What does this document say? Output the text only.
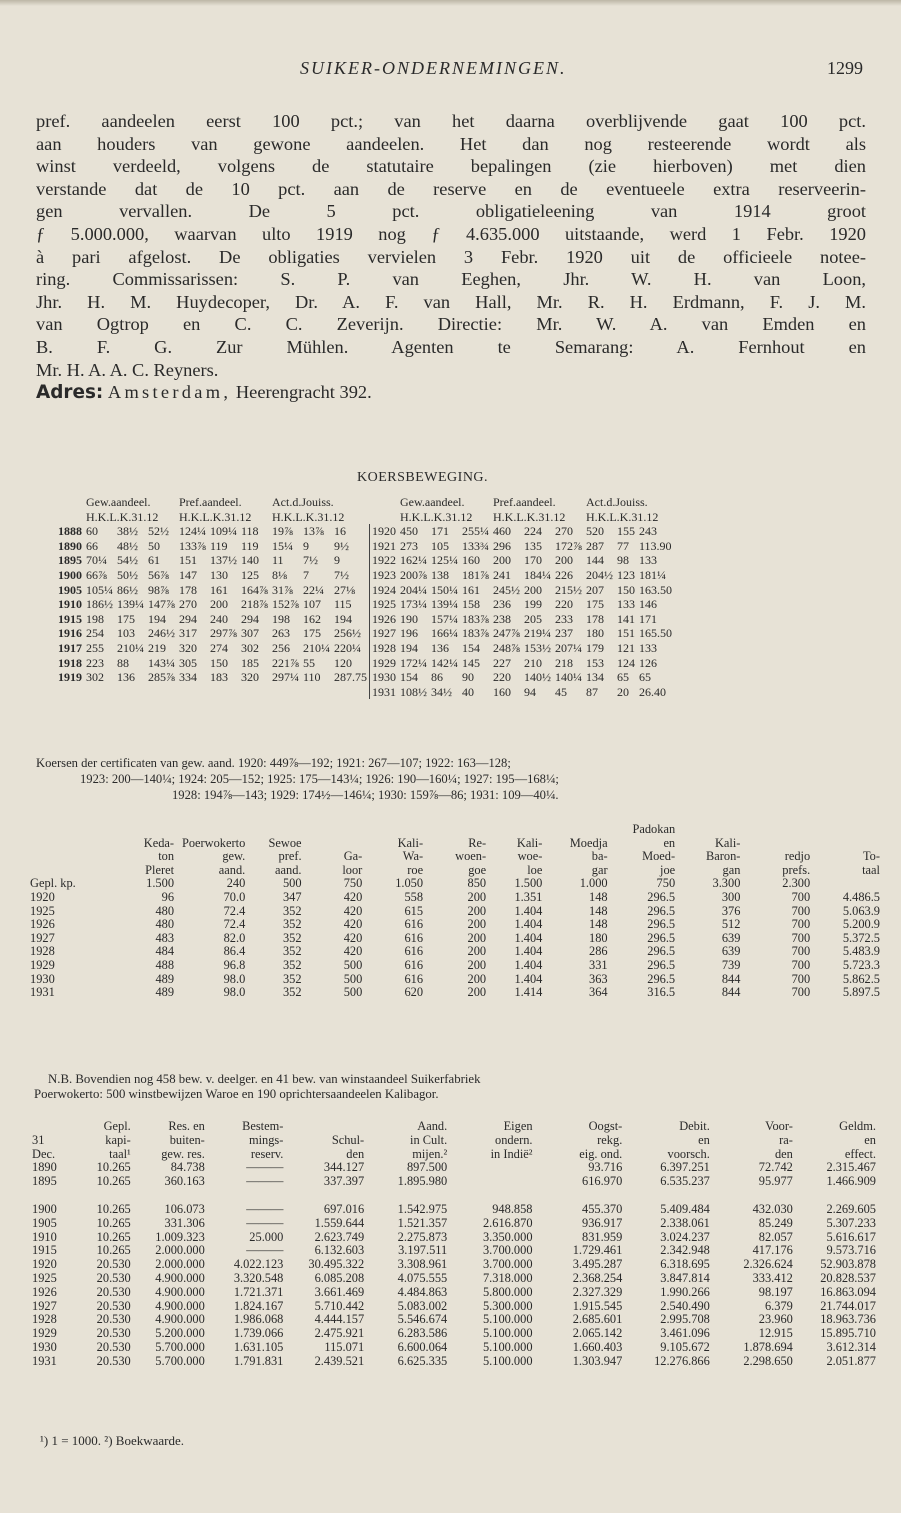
SUIKER-ONDERNEMINGEN.	1299

pref. aandeelen eerst 100 pct.; van het daarna overblijvende gaat 100 pct.

aan houders van gewone aandeelen. Het dan nog resteerende wordt als

winst verdeeld, volgens de statutaire bepalingen (zie hierboven) met dien

verstande dat de 10 pct. aan de reserve en de eventueele extra reserveerin-

gen vervallen. De 5 pct. obligatieleening van 1914 groot

ƒ 5.000.000, waarvan ulto 1919 nog ƒ 4.635.000 uitstaande, werd 1 Febr. 1920

à pari afgelost. De obligaties vervielen 3 Febr. 1920 uit de officieele notee-

ring. Commissarissen: S. P. van Eeghen, Jhr. W. H. van Loon,

Jhr. H. M. Huydecoper, Dr. A. F. van Hall, Mr. R. H. Erdmann, F. J. M.

van Ogtrop en C. C. Zeverijn. Directie: Mr. W. A. van Emden en

B. F. G. Zur Mühlen. Agenten te Semarang: A. Fernhout en

Mr. H. A. A. C. Reyners.

Adres: Amsterdam, Heerengracht 392.

KOERSBEWEGING.
	Gew.aandeel.			Pref.aandeel.			Act.d.Jouiss.				Gew.aandeel.			Pref.aandeel.			Act.d.Jouiss.		
	H.K.L.K.31.12			H.K.L.K.31.12			H.K.L.K.31.12				H.K.L.K.31.12			H.K.L.K.31.12			H.K.L.K.31.12		
1888	60	38½	52½	124¼	109¼	118	19⅞	13⅞	16	1920	450	171	255¼	460	224	270	520	155	243
1890	66	48½	50	133⅞	119	119	15¼	9	9½	1921	273	105	133¾	296	135	172⅞	287	77	113.90
1895	70¼	54½	61	151	137½	140	11	7½	9	1922	162¼	125¼	160	200	170	200	144	98	133
1900	66⅞	50½	56⅞	147	130	125	8⅛	7	7½	1923	200⅞	138	181⅞	241	184¼	226	204½	123	181¼
1905	105¼	86½	98⅞	178	161	164⅞	31⅞	22¼	27⅛	1924	204¼	150¼	161	245½	200	215½	207	150	163.50
1910	186½	139¼	147⅞	270	200	218⅞	152⅞	107	115	1925	173¼	139¼	158	236	199	220	175	133	146
1915	198	175	194	294	240	294	198	162	194	1926	190	157¼	183⅞	238	205	233	178	141	171
1916	254	103	246½	317	297⅞	307	263	175	256½	1927	196	166¼	183⅞	247⅞	219¼	237	180	151	165.50
1917	255	210¼	219	320	274	302	256	210¼	220¼	1928	194	136	154	248⅞	153½	207¼	179	121	133
1918	223	88	143¼	305	150	185	221⅞	55	120	1929	172¼	142¼	145	227	210	218	153	124	126
1919	302	136	285⅞	334	183	320	297¼	110	287.75	1930	154	86	90	220	140½	140¼	134	65	65
										1931	108½	34½	40	160	94	45	87	20	26.40

Koersen der certificaten van gew. aand. 1920: 449⅞—192; 1921: 267—107; 1922: 163—128;

1923: 200—140¼; 1924: 205—152; 1925: 175—143¼; 1926: 190—160¼; 1927: 195—168¼;

1928: 194⅞—143; 1929: 174½—146¼; 1930: 159⅞—86; 1931: 109—40¼.

									Padokan			
	Keda-	Poerwokerto	Sewoe		Kali-	Re-	Kali-	Moedja	en	Kali-		
	ton	gew.	pref.	Ga-	Wa-	woen-	woe-	ba-	Moed-	Baron-	redjo	To-
	Pleret	aand.	aand.	loor	roe	goe	loe	gar	joe	gan	prefs.	taal
Gepl. kp.	1.500	240	500	750	1.050	850	1.500	1.000	750	3.300	2.300	
1920	96	70.0	347	420	558	200	1.351	148	296.5	300	700	4.486.5
1925	480	72.4	352	420	615	200	1.404	148	296.5	376	700	5.063.9
1926	480	72.4	352	420	616	200	1.404	148	296.5	512	700	5.200.9
1927	483	82.0	352	420	616	200	1.404	180	296.5	639	700	5.372.5
1928	484	86.4	352	420	616	200	1.404	286	296.5	639	700	5.483.9
1929	488	96.8	352	500	616	200	1.404	331	296.5	739	700	5.723.3
1930	489	98.0	352	500	616	200	1.404	363	296.5	844	700	5.862.5
1931	489	98.0	352	500	620	200	1.414	364	316.5	844	700	5.897.5

N.B. Bovendien nog 458 bew. v. deelger. en 41 bew. van winstaandeel Suikerfabriek

Poerwokerto: 500 winstbewijzen Waroe en 190 oprichtersaandeelen Kalibagor.

	Gepl.	Res. en	Bestem-		Aand.	Eigen	Oogst-	Debit.	Voor-	Geldm.
31	kapi-	buiten-	mings-	Schul-	in Cult.	ondern.	rekg.	en	ra-	en
Dec.	taal¹	gew. res.	reserv.	den	mijen.²	in Indië²	eig. ond.	voorsch.	den	effect.
1890	10.265	84.738	———	344.127	897.500		93.716	6.397.251	72.742	2.315.467
1895	10.265	360.163	———	337.397	1.895.980		616.970	6.535.237	95.977	1.466.909

1900	10.265	106.073	———	697.016	1.542.975	948.858	455.370	5.409.484	432.030	2.269.605
1905	10.265	331.306	———	1.559.644	1.521.357	2.616.870	936.917	2.338.061	85.249	5.307.233
1910	10.265	1.009.323	25.000	2.623.749	2.275.873	3.350.000	831.959	3.024.237	82.057	5.616.617
1915	10.265	2.000.000	———	6.132.603	3.197.511	3.700.000	1.729.461	2.342.948	417.176	9.573.716
1920	20.530	2.000.000	4.022.123	30.495.322	3.308.961	3.700.000	3.495.287	6.318.695	2.326.624	52.903.878
1925	20.530	4.900.000	3.320.548	6.085.208	4.075.555	7.318.000	2.368.254	3.847.814	333.412	20.828.537
1926	20.530	4.900.000	1.721.371	3.661.469	4.484.863	5.800.000	2.327.329	1.990.266	98.197	16.863.094
1927	20.530	4.900.000	1.824.167	5.710.442	5.083.002	5.300.000	1.915.545	2.540.490	6.379	21.744.017
1928	20.530	4.900.000	1.986.068	4.444.157	5.546.674	5.100.000	2.685.601	2.995.708	23.960	18.963.736
1929	20.530	5.200.000	1.739.066	2.475.921	6.283.586	5.100.000	2.065.142	3.461.096	12.915	15.895.710
1930	20.530	5.700.000	1.631.105	115.071	6.600.064	5.100.000	1.660.403	9.105.672	1.878.694	3.612.314
1931	20.530	5.700.000	1.791.831	2.439.521	6.625.335	5.100.000	1.303.947	12.276.866	2.298.650	2.051.877
¹) 1 = 1000. ²) Boekwaarde.
